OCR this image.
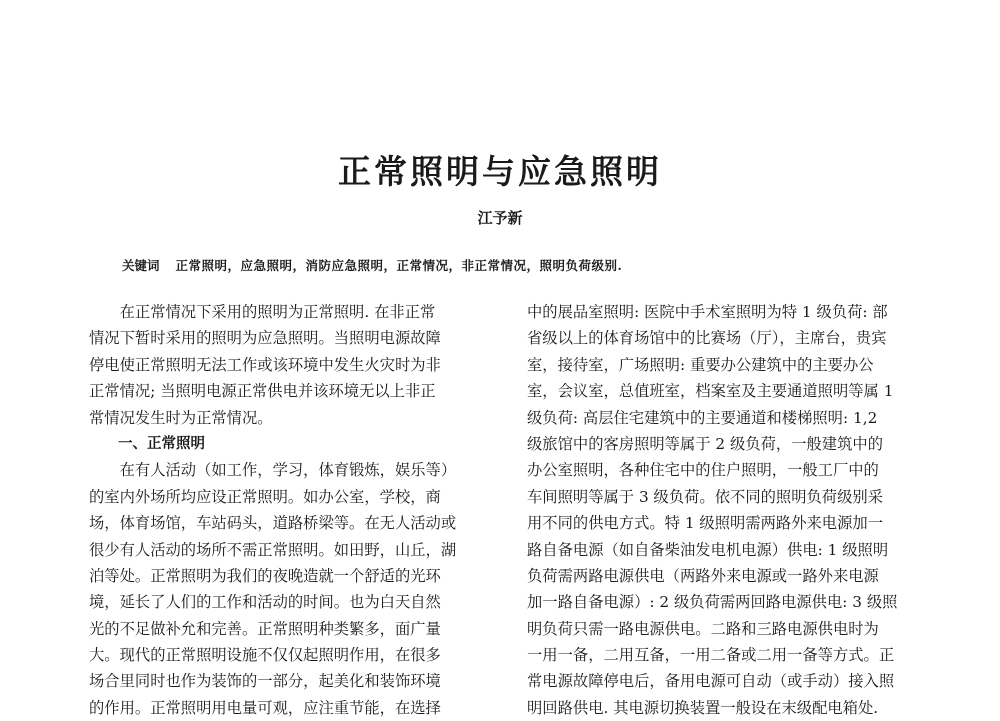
正常照明与应急照明
江予新
关键词 正常照明，应急照明，消防应急照明，正常情况，非正常情况，照明负荷级别.
在正常情况下采用的照明为正常照明. 在非正常
情况下暂时采用的照明为应急照明。当照明电源故障
停电使正常照明无法工作或该环境中发生火灾时为非
正常情况; 当照明电源正常供电并该环境无以上非正
常情况发生时为正常情况。
一、正常照明
在有人活动（如工作，学习，体育锻炼，娱乐等）
的室内外场所均应设正常照明。如办公室，学校，商
场，体育场馆，车站码头，道路桥梁等。在无人活动或
很少有人活动的场所不需正常照明。如田野，山丘，湖
泊等处。正常照明为我们的夜晚造就一个舒适的光环
境，延长了人们的工作和活动的时间。也为白天自然
光的不足做补允和完善。正常照明种类繁多，面广量
大。现代的正常照明设施不仅仅起照明作用，在很多
场合里同时也作为装饰的一部分，起美化和装饰环境
的作用。正常照明用电量可观，应注重节能，在选择
中的展品室照明: 医院中手术室照明为特 1 级负荷: 部
省级以上的体育场馆中的比赛场（厅），主席台，贵宾
室，接待室，广场照明: 重要办公建筑中的主要办公
室，会议室，总值班室，档案室及主要通道照明等属 1
级负荷: 高层住宅建筑中的主要通道和楼梯照明: 1,2
级旅馆中的客房照明等属于 2 级负荷，一般建筑中的
办公室照明，各种住宅中的住户照明，一般工厂中的
车间照明等属于 3 级负荷。依不同的照明负荷级别采
用不同的供电方式。特 1 级照明需两路外来电源加一
路自备电源（如自备柴油发电机电源）供电: 1 级照明
负荷需两路电源供电（两路外来电源或一路外来电源
加一路自备电源）: 2 级负荷需两回路电源供电: 3 级照
明负荷只需一路电源供电。二路和三路电源供电时为
一用一备，二用互备，一用二备或二用一备等方式。正
常电源故障停电后，备用电源可自动（或手动）接入照
明回路供电. 其电源切换装置一般设在末级配电箱处.
